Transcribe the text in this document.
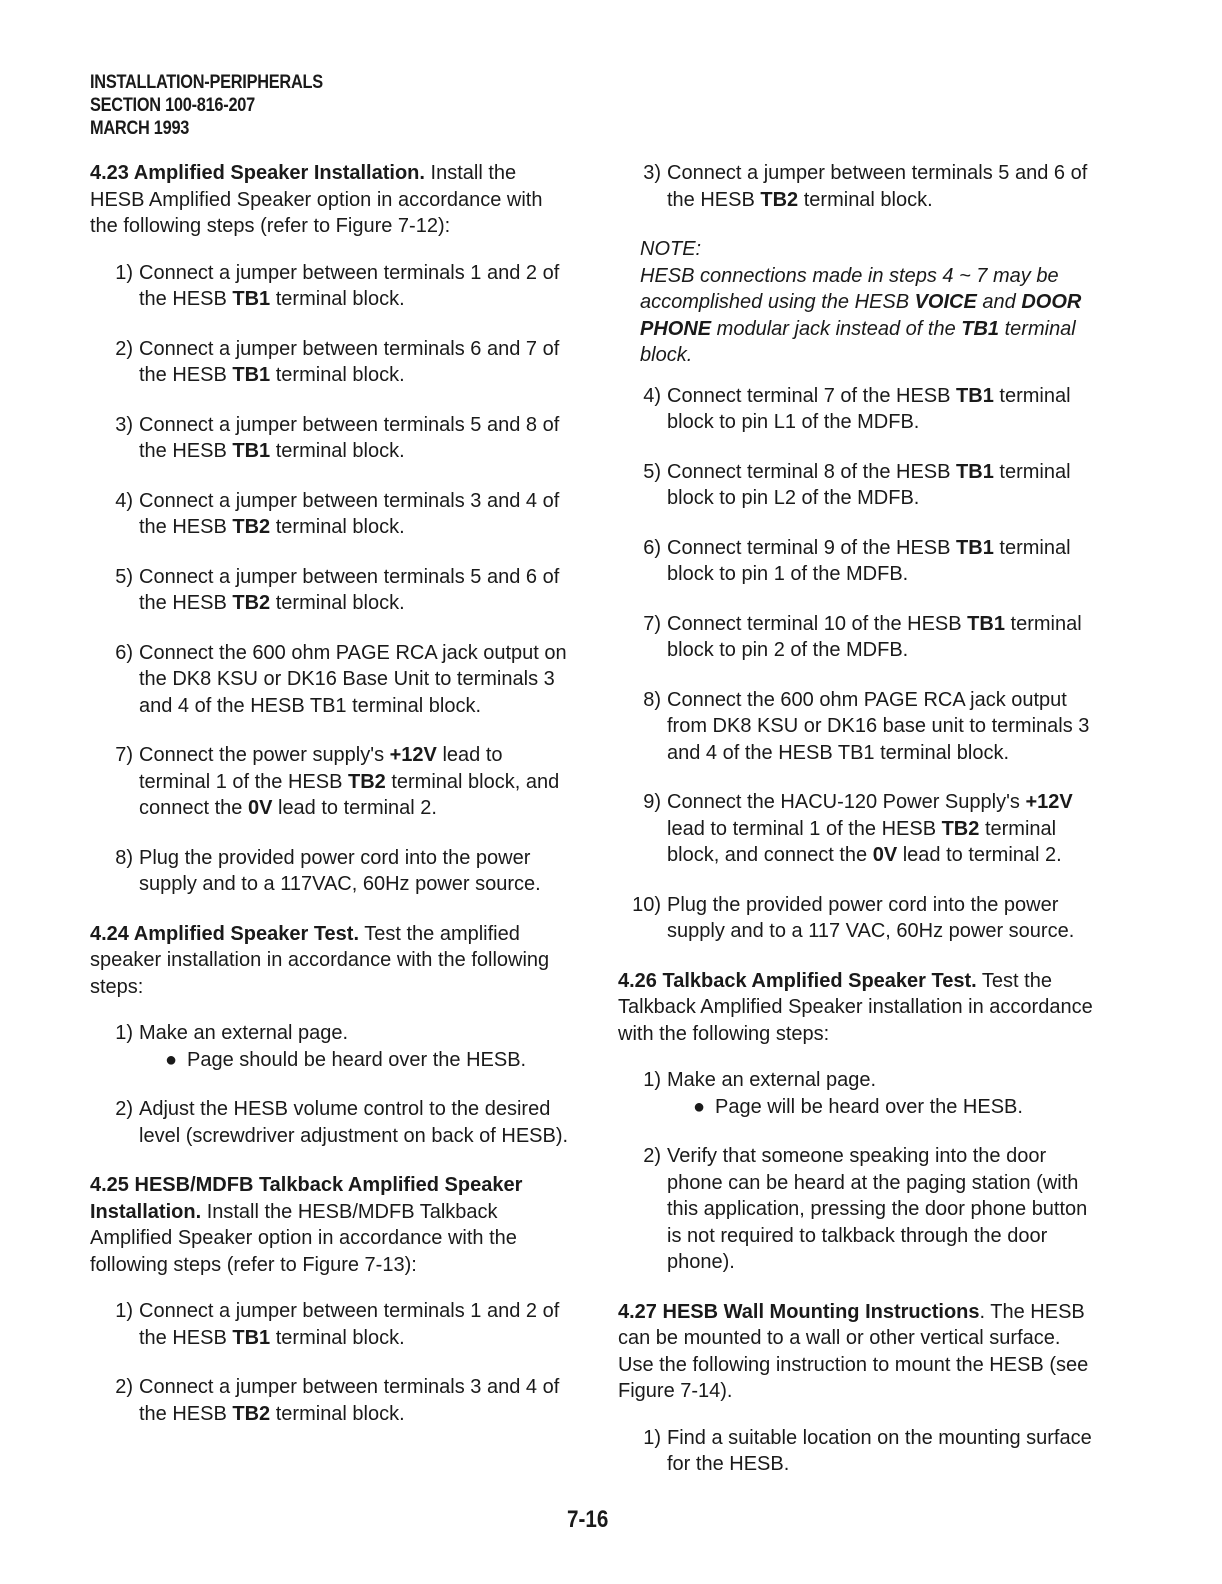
INSTALLATION-PERIPHERALS
SECTION 100-816-207
MARCH 1993

4.23 Amplified Speaker Installation. Install the HESB Amplified Speaker option in accordance with the following steps (refer to Figure 7-12):

1) Connect a jumper between terminals 1 and 2 of the HESB TB1 terminal block.
2) Connect a jumper between terminals 6 and 7 of the HESB TB1 terminal block.
3) Connect a jumper between terminals 5 and 8 of the HESB TB1 terminal block.
4) Connect a jumper between terminals 3 and 4 of the HESB TB2 terminal block.
5) Connect a jumper between terminals 5 and 6 of the HESB TB2 terminal block.
6) Connect the 600 ohm PAGE RCA jack output on the DK8 KSU or DK16 Base Unit to terminals 3 and 4 of the HESB TB1 terminal block.
7) Connect the power supply's +12V lead to terminal 1 of the HESB TB2 terminal block, and connect the 0V lead to terminal 2.
8) Plug the provided power cord into the power supply and to a 117VAC, 60Hz power source.

4.24 Amplified Speaker Test. Test the amplified speaker installation in accordance with the following steps:

1) Make an external page.
● Page should be heard over the HESB.
2) Adjust the HESB volume control to the desired level (screwdriver adjustment on back of HESB).

4.25 HESB/MDFB Talkback Amplified Speaker Installation. Install the HESB/MDFB Talkback Amplified Speaker option in accordance with the following steps (refer to Figure 7-13):

1) Connect a jumper between terminals 1 and 2 of the HESB TB1 terminal block.
2) Connect a jumper between terminals 3 and 4 of the HESB TB2 terminal block.
3) Connect a jumper between terminals 5 and 6 of the HESB TB2 terminal block.
NOTE:
HESB connections made in steps 4 ~ 7 may be accomplished using the HESB VOICE and DOOR PHONE modular jack instead of the TB1 terminal block.
4) Connect terminal 7 of the HESB TB1 terminal block to pin L1 of the MDFB.
5) Connect terminal 8 of the HESB TB1 terminal block to pin L2 of the MDFB.
6) Connect terminal 9 of the HESB TB1 terminal block to pin 1 of the MDFB.
7) Connect terminal 10 of the HESB TB1 terminal block to pin 2 of the MDFB.
8) Connect the 600 ohm PAGE RCA jack output from DK8 KSU or DK16 base unit to terminals 3 and 4 of the HESB TB1 terminal block.
9) Connect the HACU-120 Power Supply's +12V lead to terminal 1 of the HESB TB2 terminal block, and connect the 0V lead to terminal 2.
10) Plug the provided power cord into the power supply and to a 117 VAC, 60Hz power source.

4.26 Talkback Amplified Speaker Test. Test the Talkback Amplified Speaker installation in accordance with the following steps:

1) Make an external page.
● Page will be heard over the HESB.
2) Verify that someone speaking into the door phone can be heard at the paging station (with this application, pressing the door phone button is not required to talkback through the door phone).

4.27 HESB Wall Mounting Instructions. The HESB can be mounted to a wall or other vertical surface. Use the following instruction to mount the HESB (see Figure 7-14).

1) Find a suitable location on the mounting surface for the HESB.
7-16
